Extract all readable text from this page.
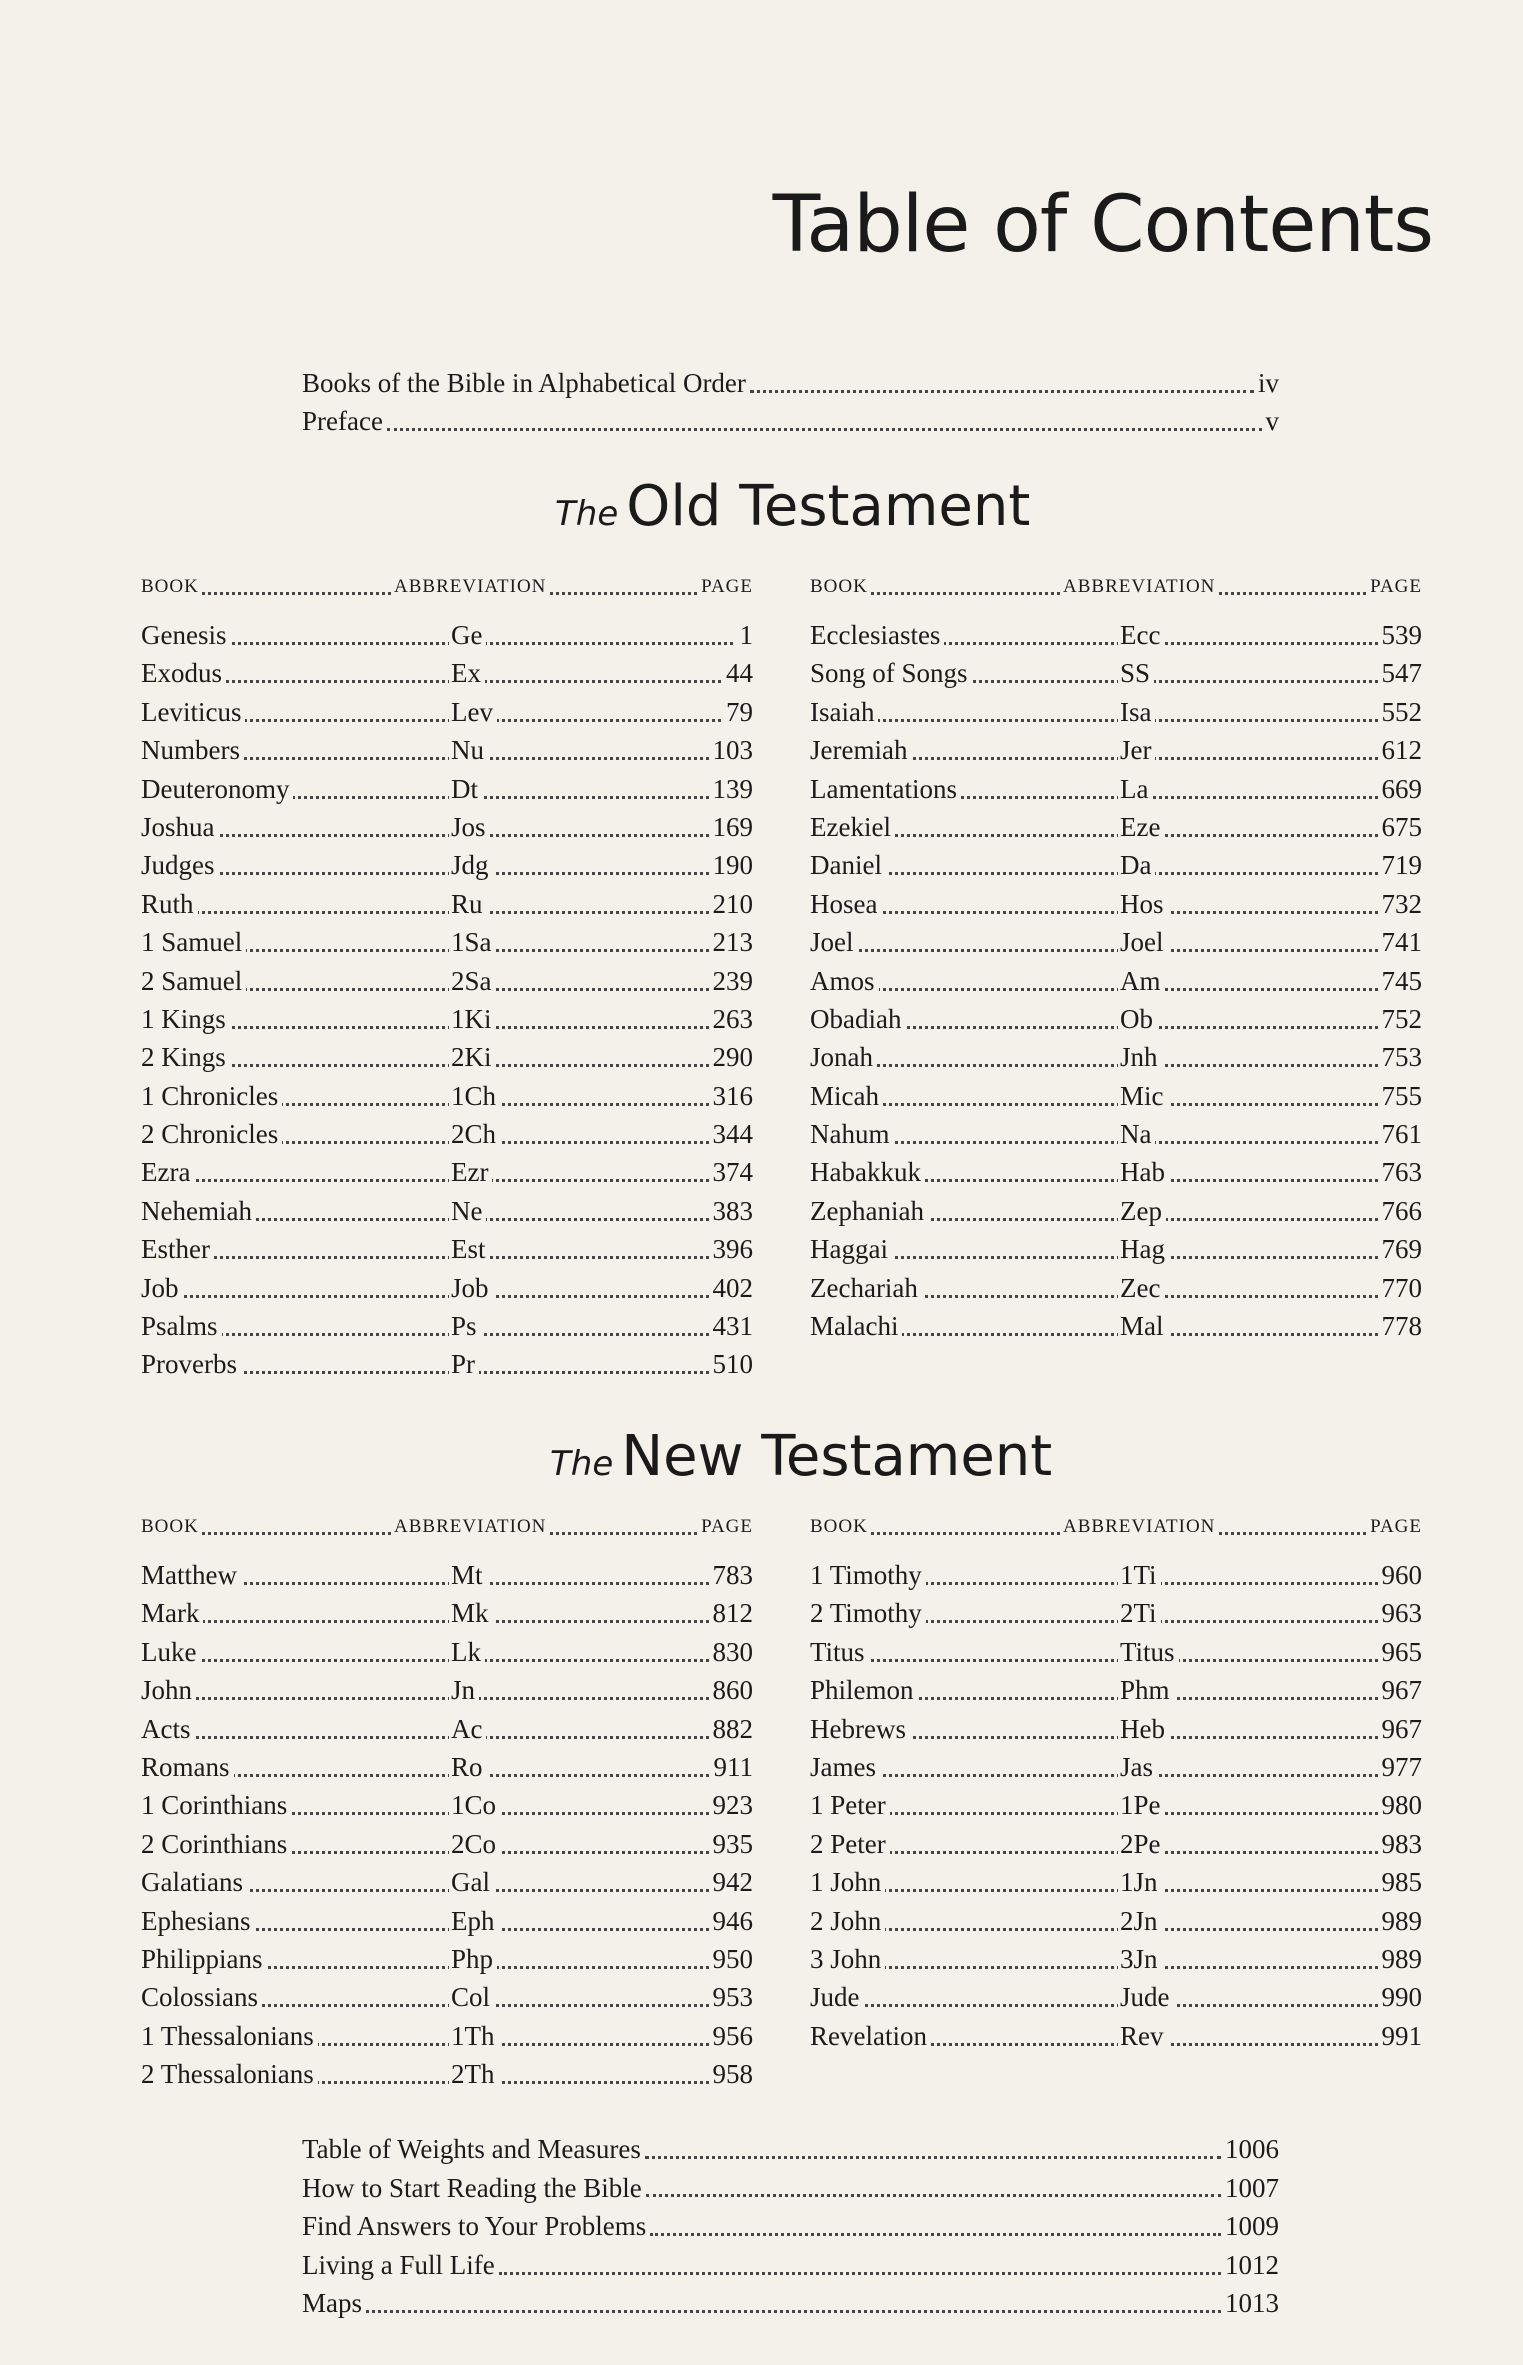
Table of Contents
Books of the Bible in Alphabetical Order	iv
Preface	v
The Old Testament
BOOK	ABBREVIATION	PAGE
Genesis	Ge	1
Exodus	Ex	44
Leviticus	Lev	79
Numbers	Nu	103
Deuteronomy	Dt	139
Joshua	Jos	169
Judges	Jdg	190
Ruth	Ru	210
1 Samuel	1Sa	213
2 Samuel	2Sa	239
1 Kings	1Ki	263
2 Kings	2Ki	290
1 Chronicles	1Ch	316
2 Chronicles	2Ch	344
Ezra	Ezr	374
Nehemiah	Ne	383
Esther	Est	396
Job	Job	402
Psalms	Ps	431
Proverbs	Pr	510
BOOK	ABBREVIATION	PAGE
Ecclesiastes	Ecc	539
Song of Songs	SS	547
Isaiah	Isa	552
Jeremiah	Jer	612
Lamentations	La	669
Ezekiel	Eze	675
Daniel	Da	719
Hosea	Hos	732
Joel	Joel	741
Amos	Am	745
Obadiah	Ob	752
Jonah	Jnh	753
Micah	Mic	755
Nahum	Na	761
Habakkuk	Hab	763
Zephaniah	Zep	766
Haggai	Hag	769
Zechariah	Zec	770
Malachi	Mal	778
The New Testament
BOOK	ABBREVIATION	PAGE
Matthew	Mt	783
Mark	Mk	812
Luke	Lk	830
John	Jn	860
Acts	Ac	882
Romans	Ro	911
1 Corinthians	1Co	923
2 Corinthians	2Co	935
Galatians	Gal	942
Ephesians	Eph	946
Philippians	Php	950
Colossians	Col	953
1 Thessalonians	1Th	956
2 Thessalonians	2Th	958
BOOK	ABBREVIATION	PAGE
1 Timothy	1Ti	960
2 Timothy	2Ti	963
Titus	Titus	965
Philemon	Phm	967
Hebrews	Heb	967
James	Jas	977
1 Peter	1Pe	980
2 Peter	2Pe	983
1 John	1Jn	985
2 John	2Jn	989
3 John	3Jn	989
Jude	Jude	990
Revelation	Rev	991
Table of Weights and Measures	1006
How to Start Reading the Bible	1007
Find Answers to Your Problems	1009
Living a Full Life	1012
Maps	1013
